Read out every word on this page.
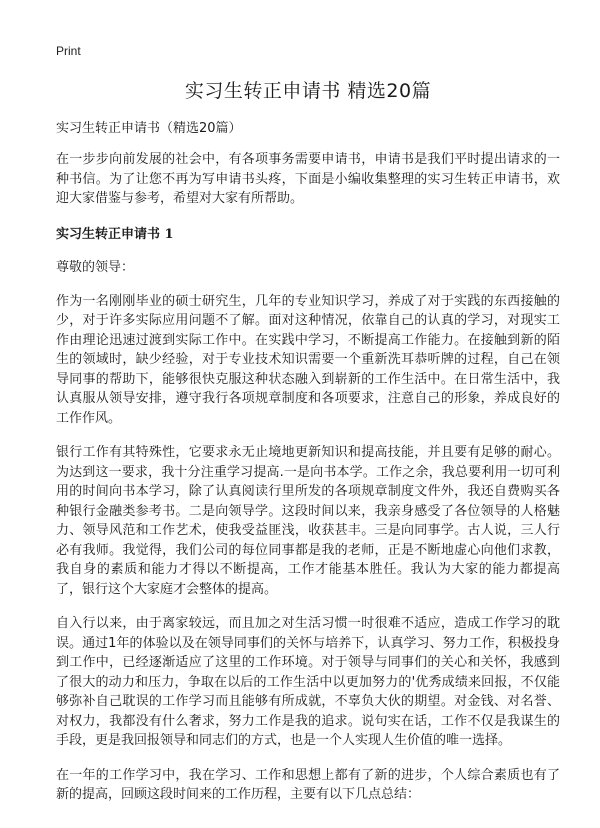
Print
实习生转正申请书 精选20篇
实习生转正申请书（精选20篇）

在一步步向前发展的社会中，有各项事务需要申请书，申请书是我们平时提出请求的一种书信。为了让您不再为写申请书头疼，下面是小编收集整理的实习生转正申请书，欢迎大家借鉴与参考，希望对大家有所帮助。

实习生转正申请书 1
尊敬的领导：

作为一名刚刚毕业的硕士研究生，几年的专业知识学习，养成了对于实践的东西接触的少，对于许多实际应用问题不了解。面对这种情况，依靠自己的认真的学习，对现实工作由理论迅速过渡到实际工作中。在实践中学习，不断提高工作能力。在接触到新的陌生的领域时，缺少经验，对于专业技术知识需要一个重新洗耳恭听牌的过程，自己在领导同事的帮助下，能够很快克服这种状态融入到崭新的工作生活中。在日常生活中，我认真服从领导安排，遵守我行各项规章制度和各项要求，注意自己的形象，养成良好的工作作风。

银行工作有其特殊性，它要求永无止境地更新知识和提高技能，并且要有足够的耐心。为达到这一要求，我十分注重学习提高.一是向书本学。工作之余，我总要利用一切可利用的时间向书本学习，除了认真阅读行里所发的各项规章制度文件外，我还自费购买各种银行金融类参考书。二是向领导学。这段时间以来，我亲身感受了各位领导的人格魅力、领导风范和工作艺术，使我受益匪浅，收获甚丰。三是向同事学。古人说，三人行必有我师。我觉得，我们公司的每位同事都是我的老师，正是不断地虚心向他们求教，我自身的素质和能力才得以不断提高，工作才能基本胜任。我认为大家的能力都提高了，银行这个大家庭才会整体的提高。

自入行以来，由于离家较远，而且加之对生活习惯一时很难不适应，造成工作学习的耽误。通过1年的体验以及在领导同事们的关怀与培养下，认真学习、努力工作，积极投身到工作中，已经逐渐适应了这里的工作环境。对于领导与同事们的关心和关怀，我感到了很大的动力和压力，争取在以后的工作生活中以更加努力的'优秀成绩来回报，不仅能够弥补自己耽误的工作学习而且能够有所成就，不辜负大伙的期望。对金钱、对名誉、对权力，我都没有什么奢求，努力工作是我的追求。说句实在话，工作不仅是我谋生的手段，更是我回报领导和同志们的方式，也是一个人实现人生价值的唯一选择。

在一年的工作学习中，我在学习、工作和思想上都有了新的进步，个人综合素质也有了新的提高，回顾这段时间来的工作历程，主要有以下几点总结：
